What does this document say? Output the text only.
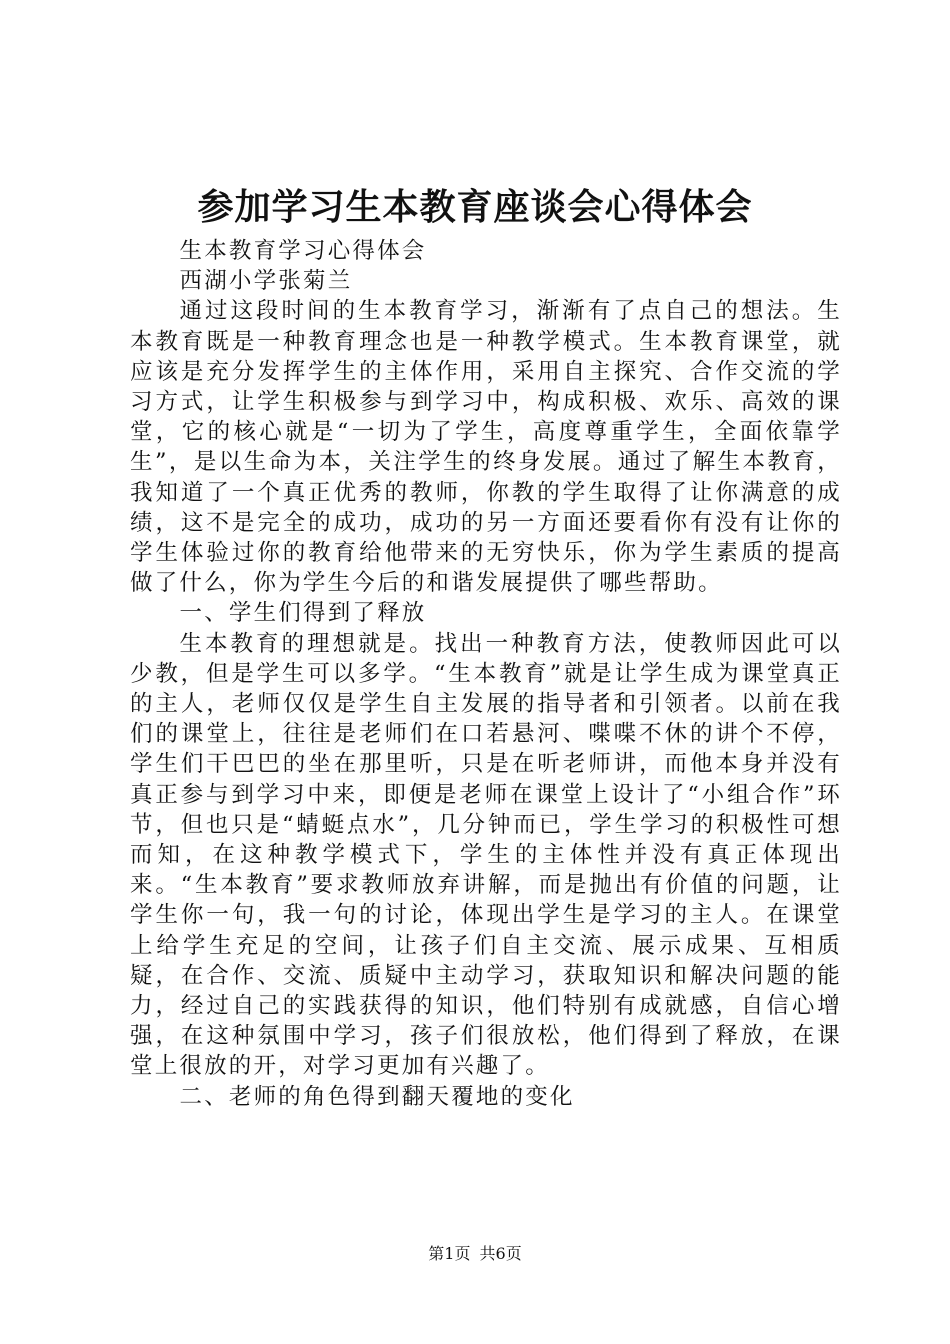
参加学习生本教育座谈会心得体会

生本教育学习心得体会

西湖小学张菊兰

通过这段时间的生本教育学习，渐渐有了点自己的想法。生本教育既是一种教育理念也是一种教学模式。生本教育课堂，就应该是充分发挥学生的主体作用，采用自主探究、合作交流的学习方式，让学生积极参与到学习中，构成积极、欢乐、高效的课堂，它的核心就是“一切为了学生，高度尊重学生，全面依靠学生”，是以生命为本，关注学生的终身发展。通过了解生本教育，我知道了一个真正优秀的教师，你教的学生取得了让你满意的成绩，这不是完全的成功，成功的另一方面还要看你有没有让你的学生体验过你的教育给他带来的无穷快乐，你为学生素质的提高做了什么，你为学生今后的和谐发展提供了哪些帮助。

一、学生们得到了释放

生本教育的理想就是。找出一种教育方法，使教师因此可以少教，但是学生可以多学。“生本教育”就是让学生成为课堂真正的主人，老师仅仅是学生自主发展的指导者和引领者。以前在我们的课堂上，往往是老师们在口若悬河、喋喋不休的讲个不停，学生们干巴巴的坐在那里听，只是在听老师讲，而他本身并没有真正参与到学习中来，即便是老师在课堂上设计了“小组合作”环节，但也只是“蜻蜓点水”，几分钟而已，学生学习的积极性可想而知，在这种教学模式下，学生的主体性并没有真正体现出来。“生本教育”要求教师放弃讲解，而是抛出有价值的问题，让学生你一句，我一句的讨论，体现出学生是学习的主人。在课堂上给学生充足的空间，让孩子们自主交流、展示成果、互相质疑，在合作、交流、质疑中主动学习，获取知识和解决问题的能力，经过自己的实践获得的知识，他们特别有成就感，自信心增强，在这种氛围中学习，孩子们很放松，他们得到了释放，在课堂上很放的开，对学习更加有兴趣了。

二、老师的角色得到翻天覆地的变化

第1页 共6页
